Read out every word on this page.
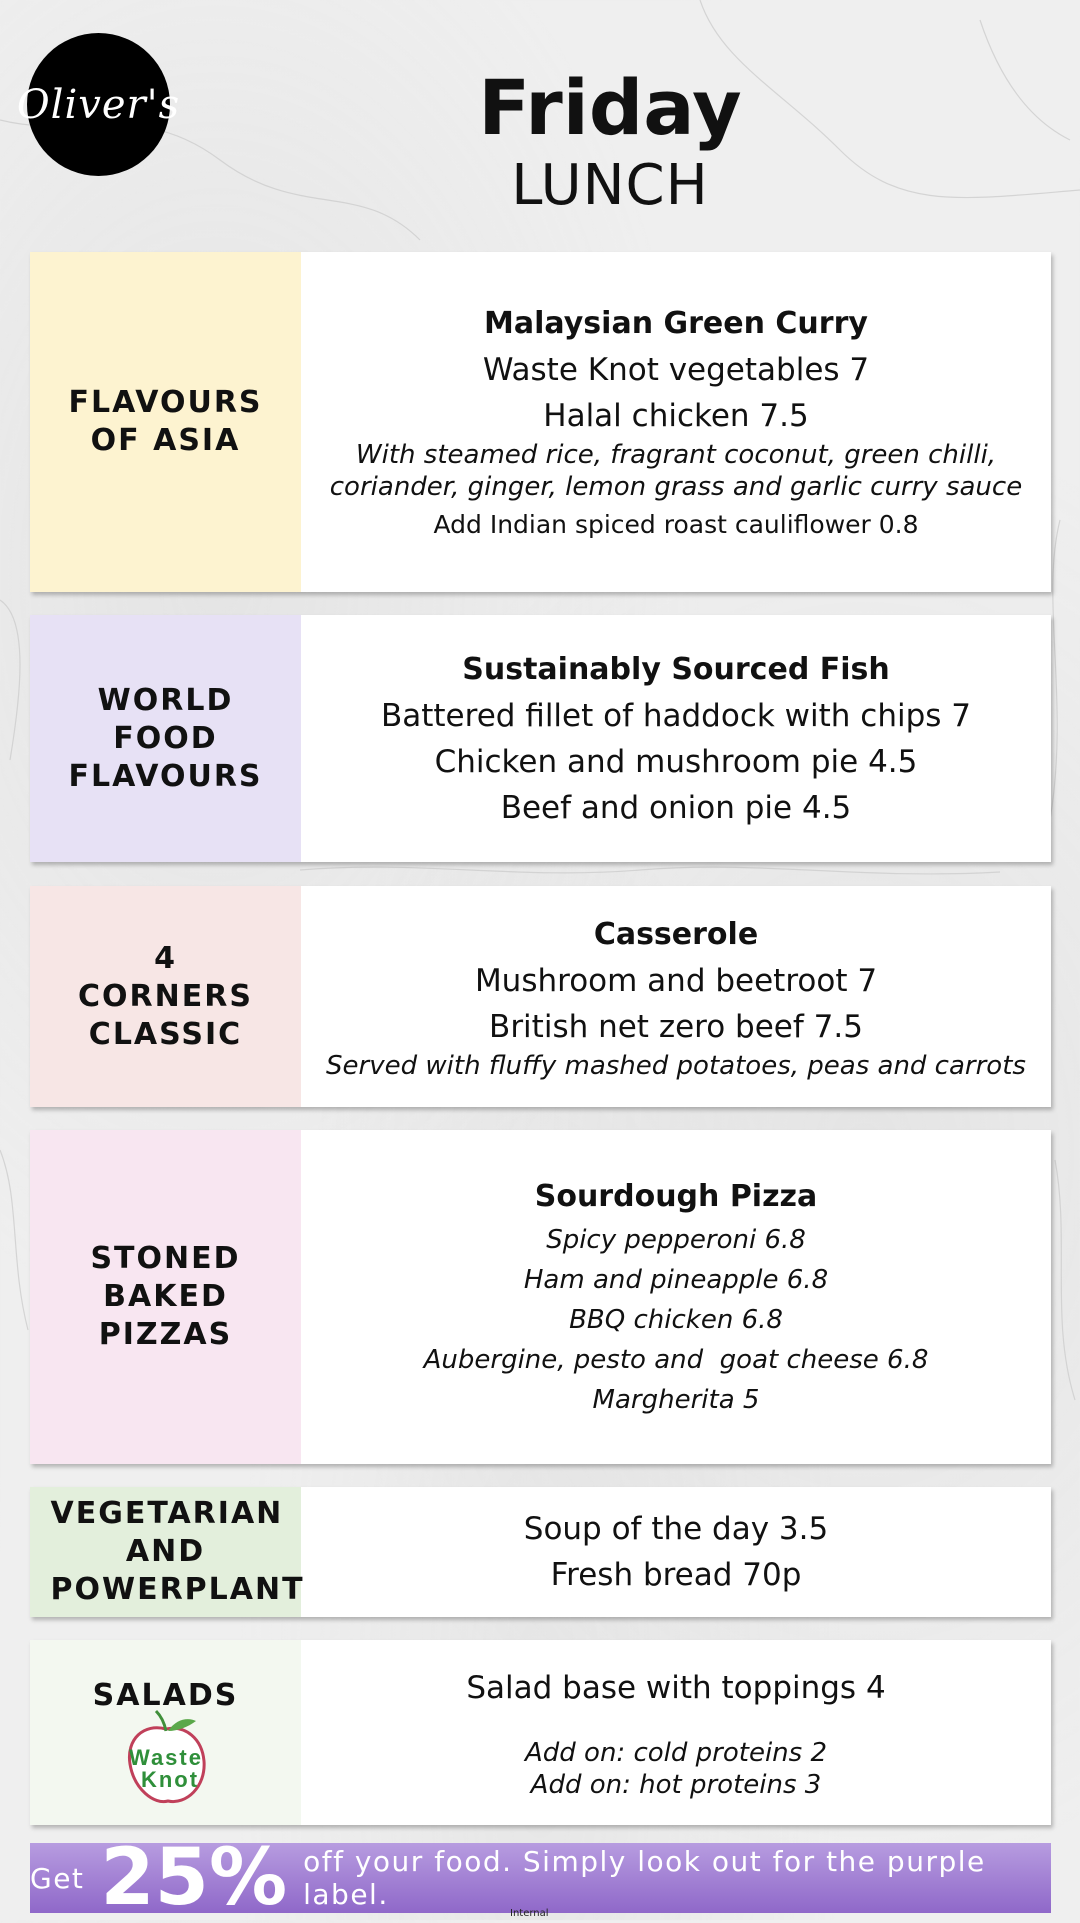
Oliver's	Friday
LUNCH
FLAVOURS OF ASIA
Malaysian Green Curry
Waste Knot vegetables 7
Halal chicken 7.5
With steamed rice, fragrant coconut, green chilli,
coriander, ginger, lemon grass and garlic curry sauce
Add Indian spiced roast cauliflower 0.8
WORLD FOOD FLAVOURS
Sustainably Sourced Fish
Battered fillet of haddock with chips 7
Chicken and mushroom pie 4.5
Beef and onion pie 4.5
4 CORNERS CLASSIC
Casserole
Mushroom and beetroot 7
British net zero beef 7.5
Served with fluffy mashed potatoes, peas and carrots
STONED BAKED PIZZAS
Sourdough Pizza
Spicy pepperoni 6.8
Ham and pineapple 6.8
BBQ chicken 6.8
Aubergine, pesto and  goat cheese 6.8
Margherita 5
VEGETARIAN AND POWERPLANT
Soup of the day 3.5
Fresh bread 70p
SALADS
Waste
Knot
Salad base with toppings 4
Add on: cold proteins 2
Add on: hot proteins 3
Get 25% off your food. Simply look out for the purple label.
Internal
